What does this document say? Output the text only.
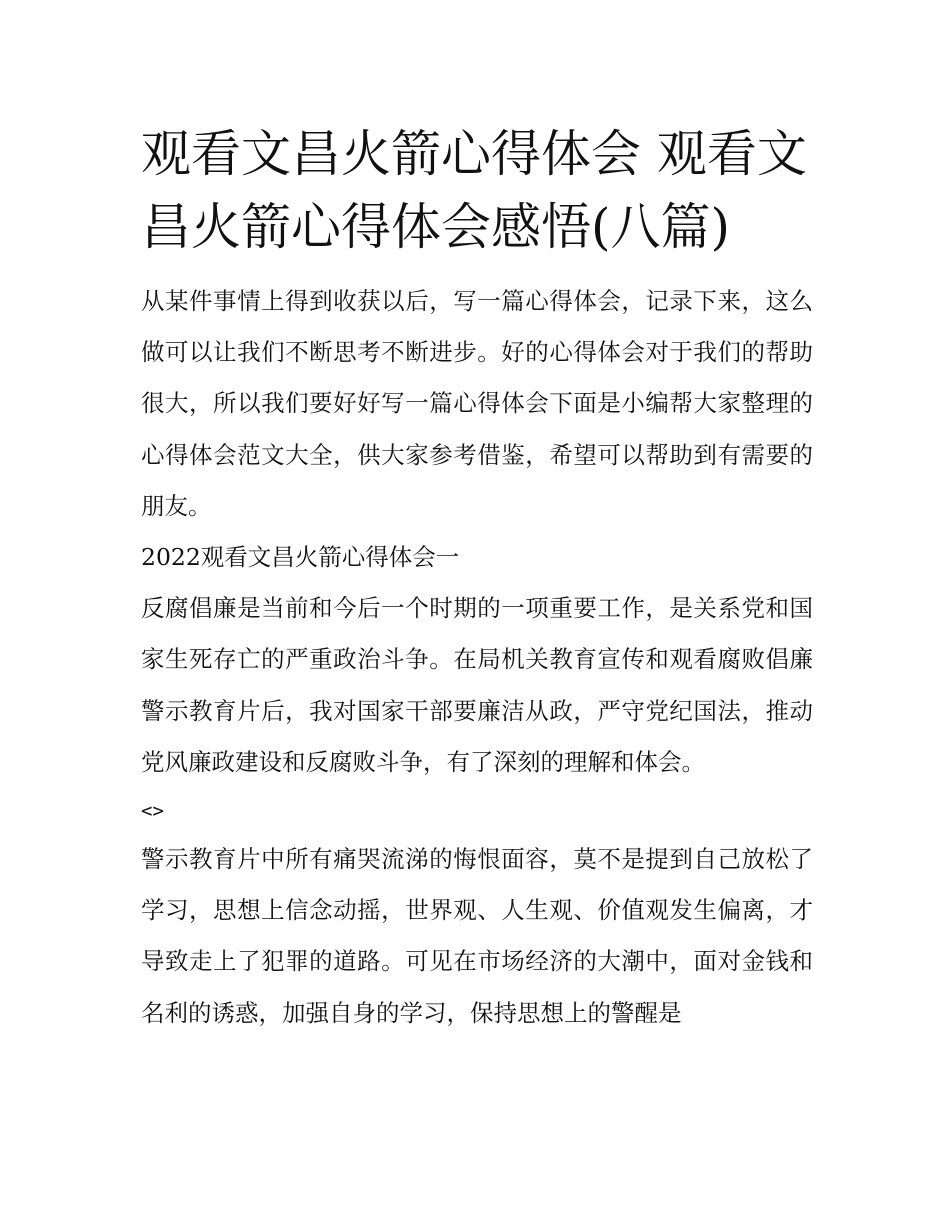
观看文昌火箭心得体会 观看文昌火箭心得体会感悟(八篇)

从某件事情上得到收获以后，写一篇心得体会，记录下来，这么做可以让我们不断思考不断进步。好的心得体会对于我们的帮助很大，所以我们要好好写一篇心得体会下面是小编帮大家整理的心得体会范文大全，供大家参考借鉴，希望可以帮助到有需要的朋友。

2022观看文昌火箭心得体会一

反腐倡廉是当前和今后一个时期的一项重要工作，是关系党和国家生死存亡的严重政治斗争。在局机关教育宣传和观看腐败倡廉警示教育片后，我对国家干部要廉洁从政，严守党纪国法，推动党风廉政建设和反腐败斗争，有了深刻的理解和体会。

<>

警示教育片中所有痛哭流涕的悔恨面容，莫不是提到自己放松了学习，思想上信念动摇，世界观、人生观、价值观发生偏离，才导致走上了犯罪的道路。可见在市场经济的大潮中，面对金钱和名利的诱惑，加强自身的学习，保持思想上的警醒是
